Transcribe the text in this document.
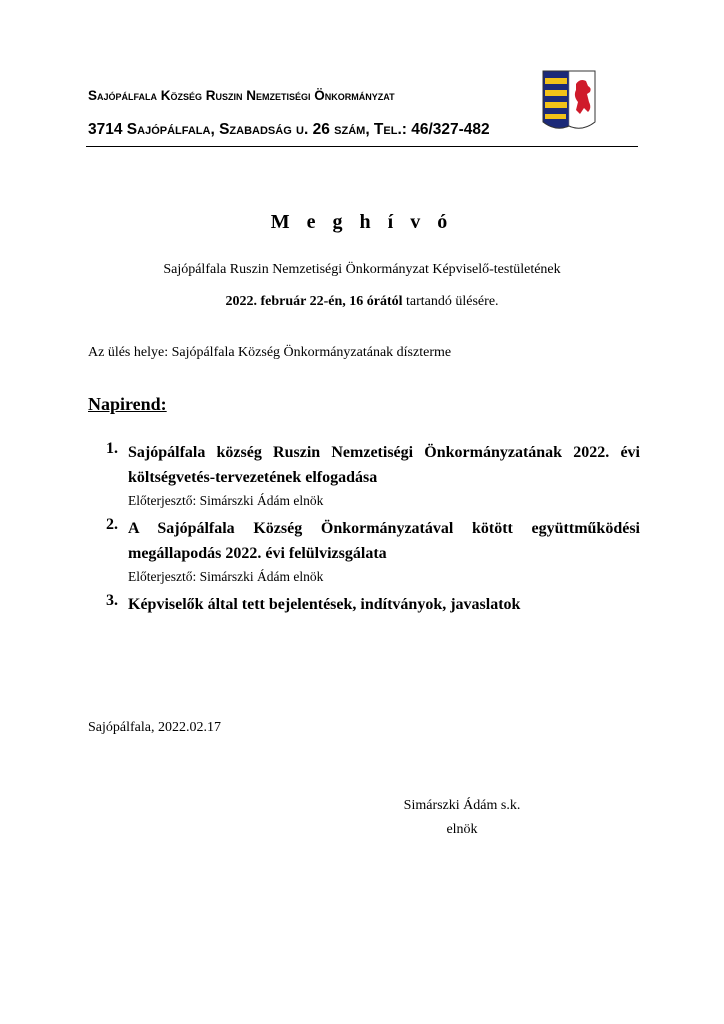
Sajópálfala Község Ruszin Nemzetiségi Önkormányzat
3714 Sajópálfala, Szabadság u. 26 szám, Tel.: 46/327-482
M e g h í v ó
Sajópálfala Ruszin Nemzetiségi Önkormányzat Képviselő-testületének
2022. február 22-én, 16 órától tartandó ülésére.
Az ülés helye: Sajópálfala Község Önkormányzatának díszterme
Napirend:
1. Sajópálfala község Ruszin Nemzetiségi Önkormányzatának 2022. évi költségvetés-tervezetének elfogadása

Előterjesztő: Simárszki Ádám elnök
2. A Sajópálfala Község Önkormányzatával kötött együttműködési megállapodás 2022. évi felülvizsgálata

Előterjesztő: Simárszki Ádám elnök
3. Képviselők által tett bejelentések, indítványok, javaslatok

Sajópálfala, 2022.02.17
Simárszki Ádám s.k.
elnök
